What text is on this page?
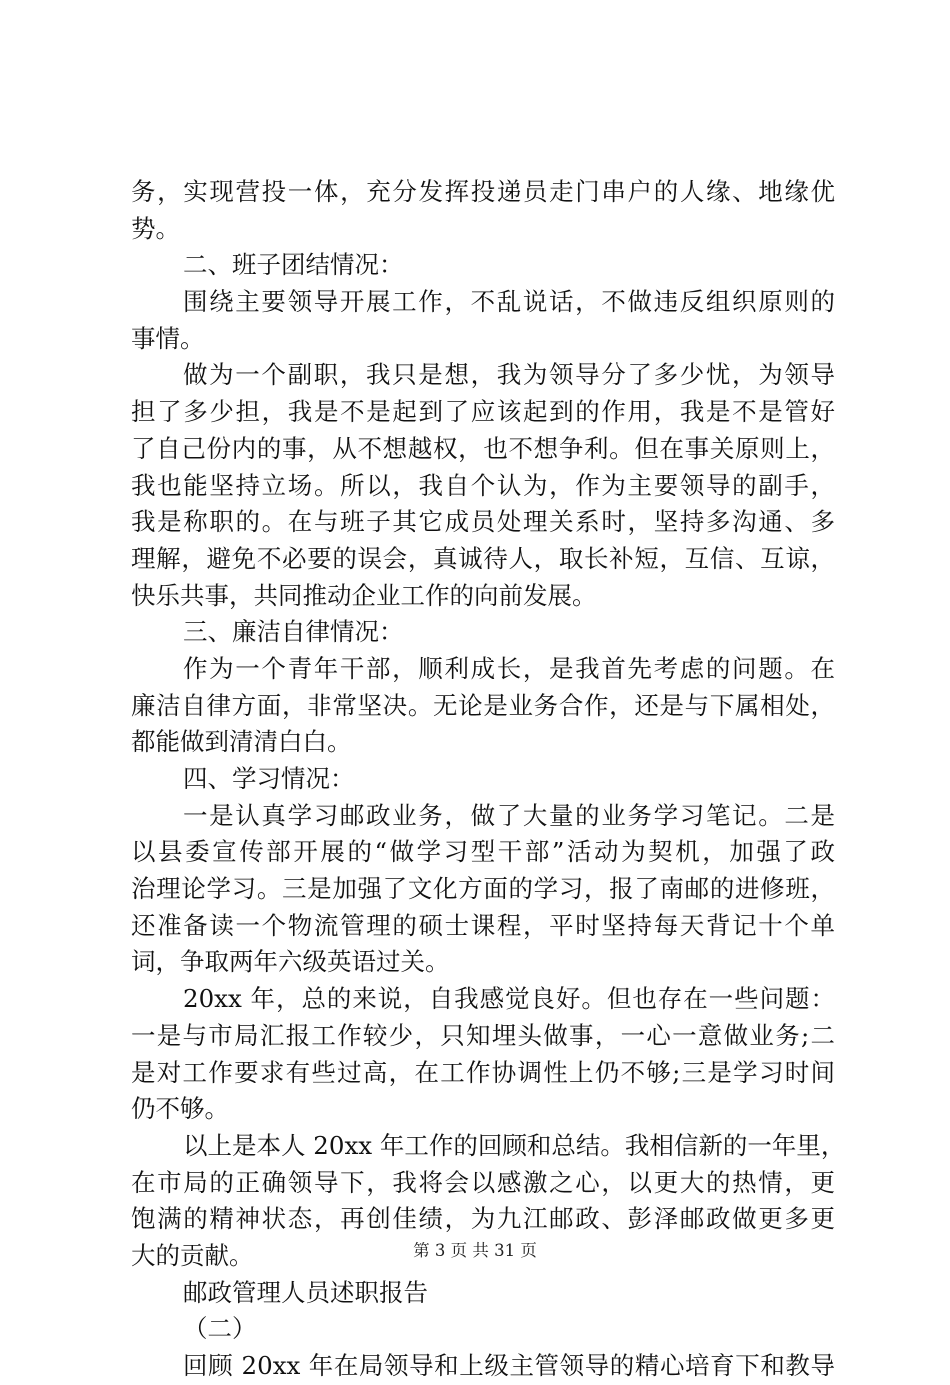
务，实现营投一体，充分发挥投递员走门串户的人缘、地缘优
势。
二、班子团结情况：
围绕主要领导开展工作，不乱说话，不做违反组织原则的
事情。
做为一个副职，我只是想，我为领导分了多少忧，为领导
担了多少担，我是不是起到了应该起到的作用，我是不是管好
了自己份内的事，从不想越权，也不想争利。但在事关原则上，
我也能坚持立场。所以，我自个认为，作为主要领导的副手，
我是称职的。在与班子其它成员处理关系时，坚持多沟通、多
理解，避免不必要的误会，真诚待人，取长补短，互信、互谅，
快乐共事，共同推动企业工作的向前发展。
三、廉洁自律情况：
作为一个青年干部，顺利成长，是我首先考虑的问题。在
廉洁自律方面，非常坚决。无论是业务合作，还是与下属相处，
都能做到清清白白。
四、学习情况：
一是认真学习邮政业务，做了大量的业务学习笔记。二是
以县委宣传部开展的“做学习型干部”活动为契机，加强了政
治理论学习。三是加强了文化方面的学习，报了南邮的进修班，
还准备读一个物流管理的硕士课程，平时坚持每天背记十个单
词，争取两年六级英语过关。
20xx 年，总的来说，自我感觉良好。但也存在一些问题：
一是与市局汇报工作较少，只知埋头做事，一心一意做业务;二
是对工作要求有些过高，在工作协调性上仍不够;三是学习时间
仍不够。
以上是本人 20xx 年工作的回顾和总结。我相信新的一年里，
在市局的正确领导下，我将会以感激之心，以更大的热情，更
饱满的精神状态，再创佳绩，为九江邮政、彭泽邮政做更多更
大的贡献。
邮政管理人员述职报告
（二）
回顾 20xx 年在局领导和上级主管领导的精心培育下和教导
第 3 页 共 31 页
